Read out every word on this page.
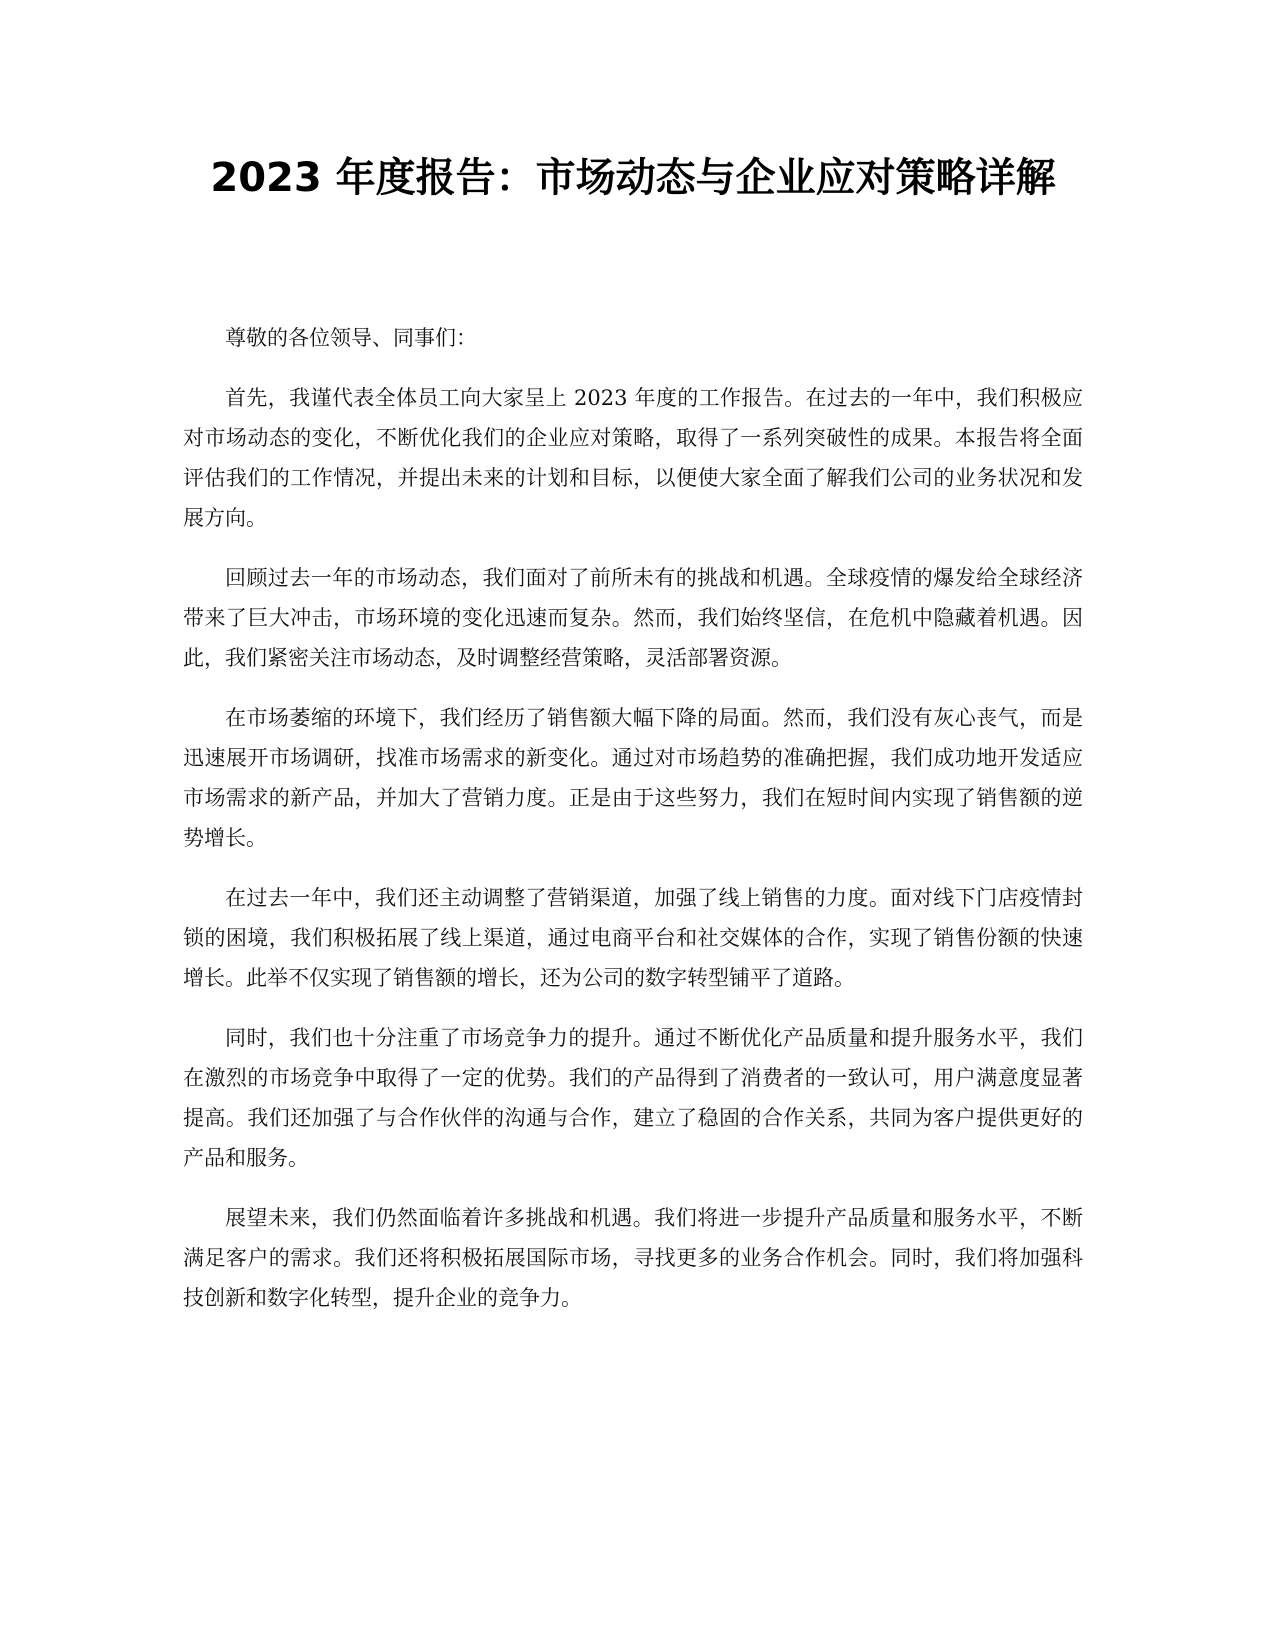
2023 年度报告：市场动态与企业应对策略详解

尊敬的各位领导、同事们：

首先，我谨代表全体员工向大家呈上 2023 年度的工作报告。在过去的一年中，我们积极应对市场动态的变化，不断优化我们的企业应对策略，取得了一系列突破性的成果。本报告将全面评估我们的工作情况，并提出未来的计划和目标，以便使大家全面了解我们公司的业务状况和发展方向。

回顾过去一年的市场动态，我们面对了前所未有的挑战和机遇。全球疫情的爆发给全球经济带来了巨大冲击，市场环境的变化迅速而复杂。然而，我们始终坚信，在危机中隐藏着机遇。因此，我们紧密关注市场动态，及时调整经营策略，灵活部署资源。

在市场萎缩的环境下，我们经历了销售额大幅下降的局面。然而，我们没有灰心丧气，而是迅速展开市场调研，找准市场需求的新变化。通过对市场趋势的准确把握，我们成功地开发适应市场需求的新产品，并加大了营销力度。正是由于这些努力，我们在短时间内实现了销售额的逆势增长。

在过去一年中，我们还主动调整了营销渠道，加强了线上销售的力度。面对线下门店疫情封锁的困境，我们积极拓展了线上渠道，通过电商平台和社交媒体的合作，实现了销售份额的快速增长。此举不仅实现了销售额的增长，还为公司的数字转型铺平了道路。

同时，我们也十分注重了市场竞争力的提升。通过不断优化产品质量和提升服务水平，我们在激烈的市场竞争中取得了一定的优势。我们的产品得到了消费者的一致认可，用户满意度显著提高。我们还加强了与合作伙伴的沟通与合作，建立了稳固的合作关系，共同为客户提供更好的产品和服务。

展望未来，我们仍然面临着许多挑战和机遇。我们将进一步提升产品质量和服务水平，不断满足客户的需求。我们还将积极拓展国际市场，寻找更多的业务合作机会。同时，我们将加强科技创新和数字化转型，提升企业的竞争力。
